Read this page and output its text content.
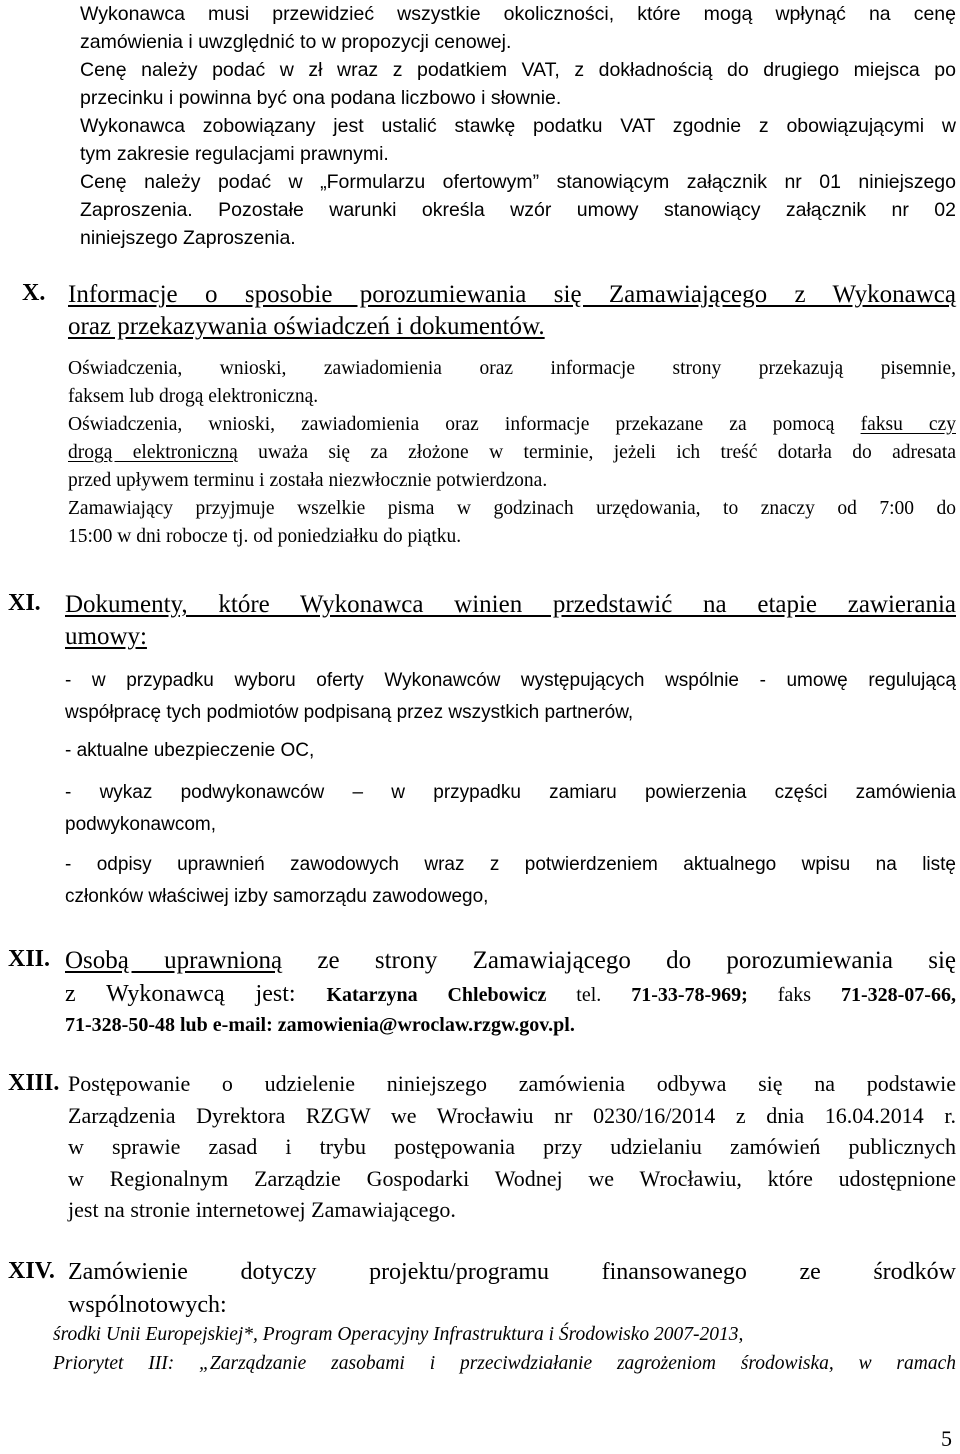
Wykonawca musi przewidzieć wszystkie okoliczności, które mogą wpłynąć na cenę
zamówienia i uwzględnić to w propozycji cenowej.
Cenę należy podać w zł wraz z podatkiem VAT, z dokładnością do drugiego miejsca po
przecinku i powinna być ona podana liczbowo i słownie.
Wykonawca zobowiązany jest ustalić stawkę podatku VAT zgodnie z obowiązującymi w
tym zakresie regulacjami prawnymi.
Cenę należy podać w „Formularzu ofertowym” stanowiącym załącznik nr 01 niniejszego
Zaproszenia. Pozostałe warunki określa wzór umowy stanowiący załącznik nr 02
niniejszego Zaproszenia.
X. Informacje o sposobie porozumiewania się Zamawiającego z Wykonawcą
oraz przekazywania oświadczeń i dokumentów.
Oświadczenia, wnioski, zawiadomienia oraz informacje strony przekazują pisemnie,
faksem lub drogą elektroniczną.
Oświadczenia, wnioski, zawiadomienia oraz informacje przekazane za pomocą faksu czy
drogą elektroniczną uważa się za złożone w terminie, jeżeli ich treść dotarła do adresata
przed upływem terminu i została niezwłocznie potwierdzona.
Zamawiający przyjmuje wszelkie pisma w godzinach urzędowania, to znaczy od 7:00 do
15:00 w dni robocze tj. od poniedziałku do piątku.
XI. Dokumenty, które Wykonawca winien przedstawić na etapie zawierania
umowy:
- w przypadku wyboru oferty Wykonawców występujących wspólnie - umowę regulującą
współpracę tych podmiotów podpisaną przez wszystkich partnerów,
- aktualne ubezpieczenie OC,
- wykaz podwykonawców – w przypadku zamiaru powierzenia części zamówienia
podwykonawcom,
- odpisy uprawnień zawodowych wraz z potwierdzeniem aktualnego wpisu na listę
członków właściwej izby samorządu zawodowego,
XII. Osobą uprawnioną ze strony Zamawiającego do porozumiewania się
z Wykonawcą jest: Katarzyna Chlebowicz tel. 71-33-78-969; faks 71-328-07-66,
71-328-50-48 lub e-mail: zamowienia@wroclaw.rzgw.gov.pl.
XIII. Postępowanie o udzielenie niniejszego zamówienia odbywa się na podstawie
Zarządzenia Dyrektora RZGW we Wrocławiu nr 0230/16/2014 z dnia 16.04.2014 r.
w sprawie zasad i trybu postępowania przy udzielaniu zamówień publicznych
w Regionalnym Zarządzie Gospodarki Wodnej we Wrocławiu, które udostępnione
jest na stronie internetowej Zamawiającego.
XIV. Zamówienie dotyczy projektu/programu finansowanego ze środków
wspólnotowych:
środki Unii Europejskiej*, Program Operacyjny Infrastruktura i Środowisko 2007-2013,
Priorytet III: „Zarządzanie zasobami i przeciwdziałanie zagrożeniom środowiska, w ramach
5
